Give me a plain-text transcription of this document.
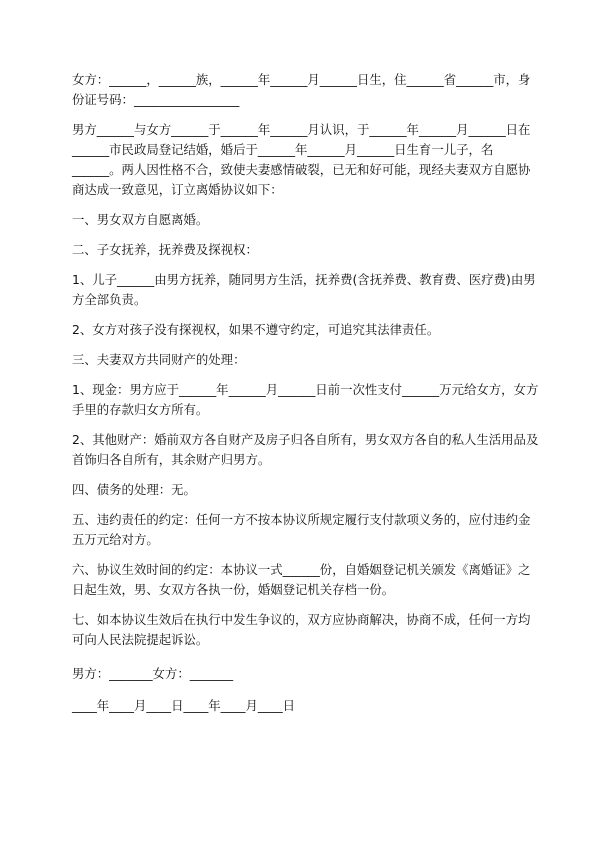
女方：______，______族，______年______月______日生，住______省______市，身
份证号码：_________________
男方______与女方______于______年______月认识，于______年______月______日在
______市民政局登记结婚，婚后于______年______月______日生育一儿子，名
______。两人因性格不合，致使夫妻感情破裂，已无和好可能，现经夫妻双方自愿协
商达成一致意见，订立离婚协议如下：
一、男女双方自愿离婚。
二、子女抚养，抚养费及探视权：
1、儿子______由男方抚养，随同男方生活，抚养费(含抚养费、教育费、医疗费)由男
方全部负责。
2、女方对孩子没有探视权，如果不遵守约定，可追究其法律责任。
三、夫妻双方共同财产的处理：
1、现金：男方应于______年______月______日前一次性支付______万元给女方，女方
手里的存款归女方所有。
2、其他财产：婚前双方各自财产及房子归各自所有，男女双方各自的私人生活用品及
首饰归各自所有，其余财产归男方。
四、债务的处理：无。
五、违约责任的约定：任何一方不按本协议所规定履行支付款项义务的，应付违约金
五万元给对方。
六、协议生效时间的约定：本协议一式______份，自婚姻登记机关颁发《离婚证》之
日起生效，男、女双方各执一份，婚姻登记机关存档一份。
七、如本协议生效后在执行中发生争议的，双方应协商解决，协商不成，任何一方均
可向人民法院提起诉讼。
男方：_______女方：_______
____年____月____日____年____月____日
